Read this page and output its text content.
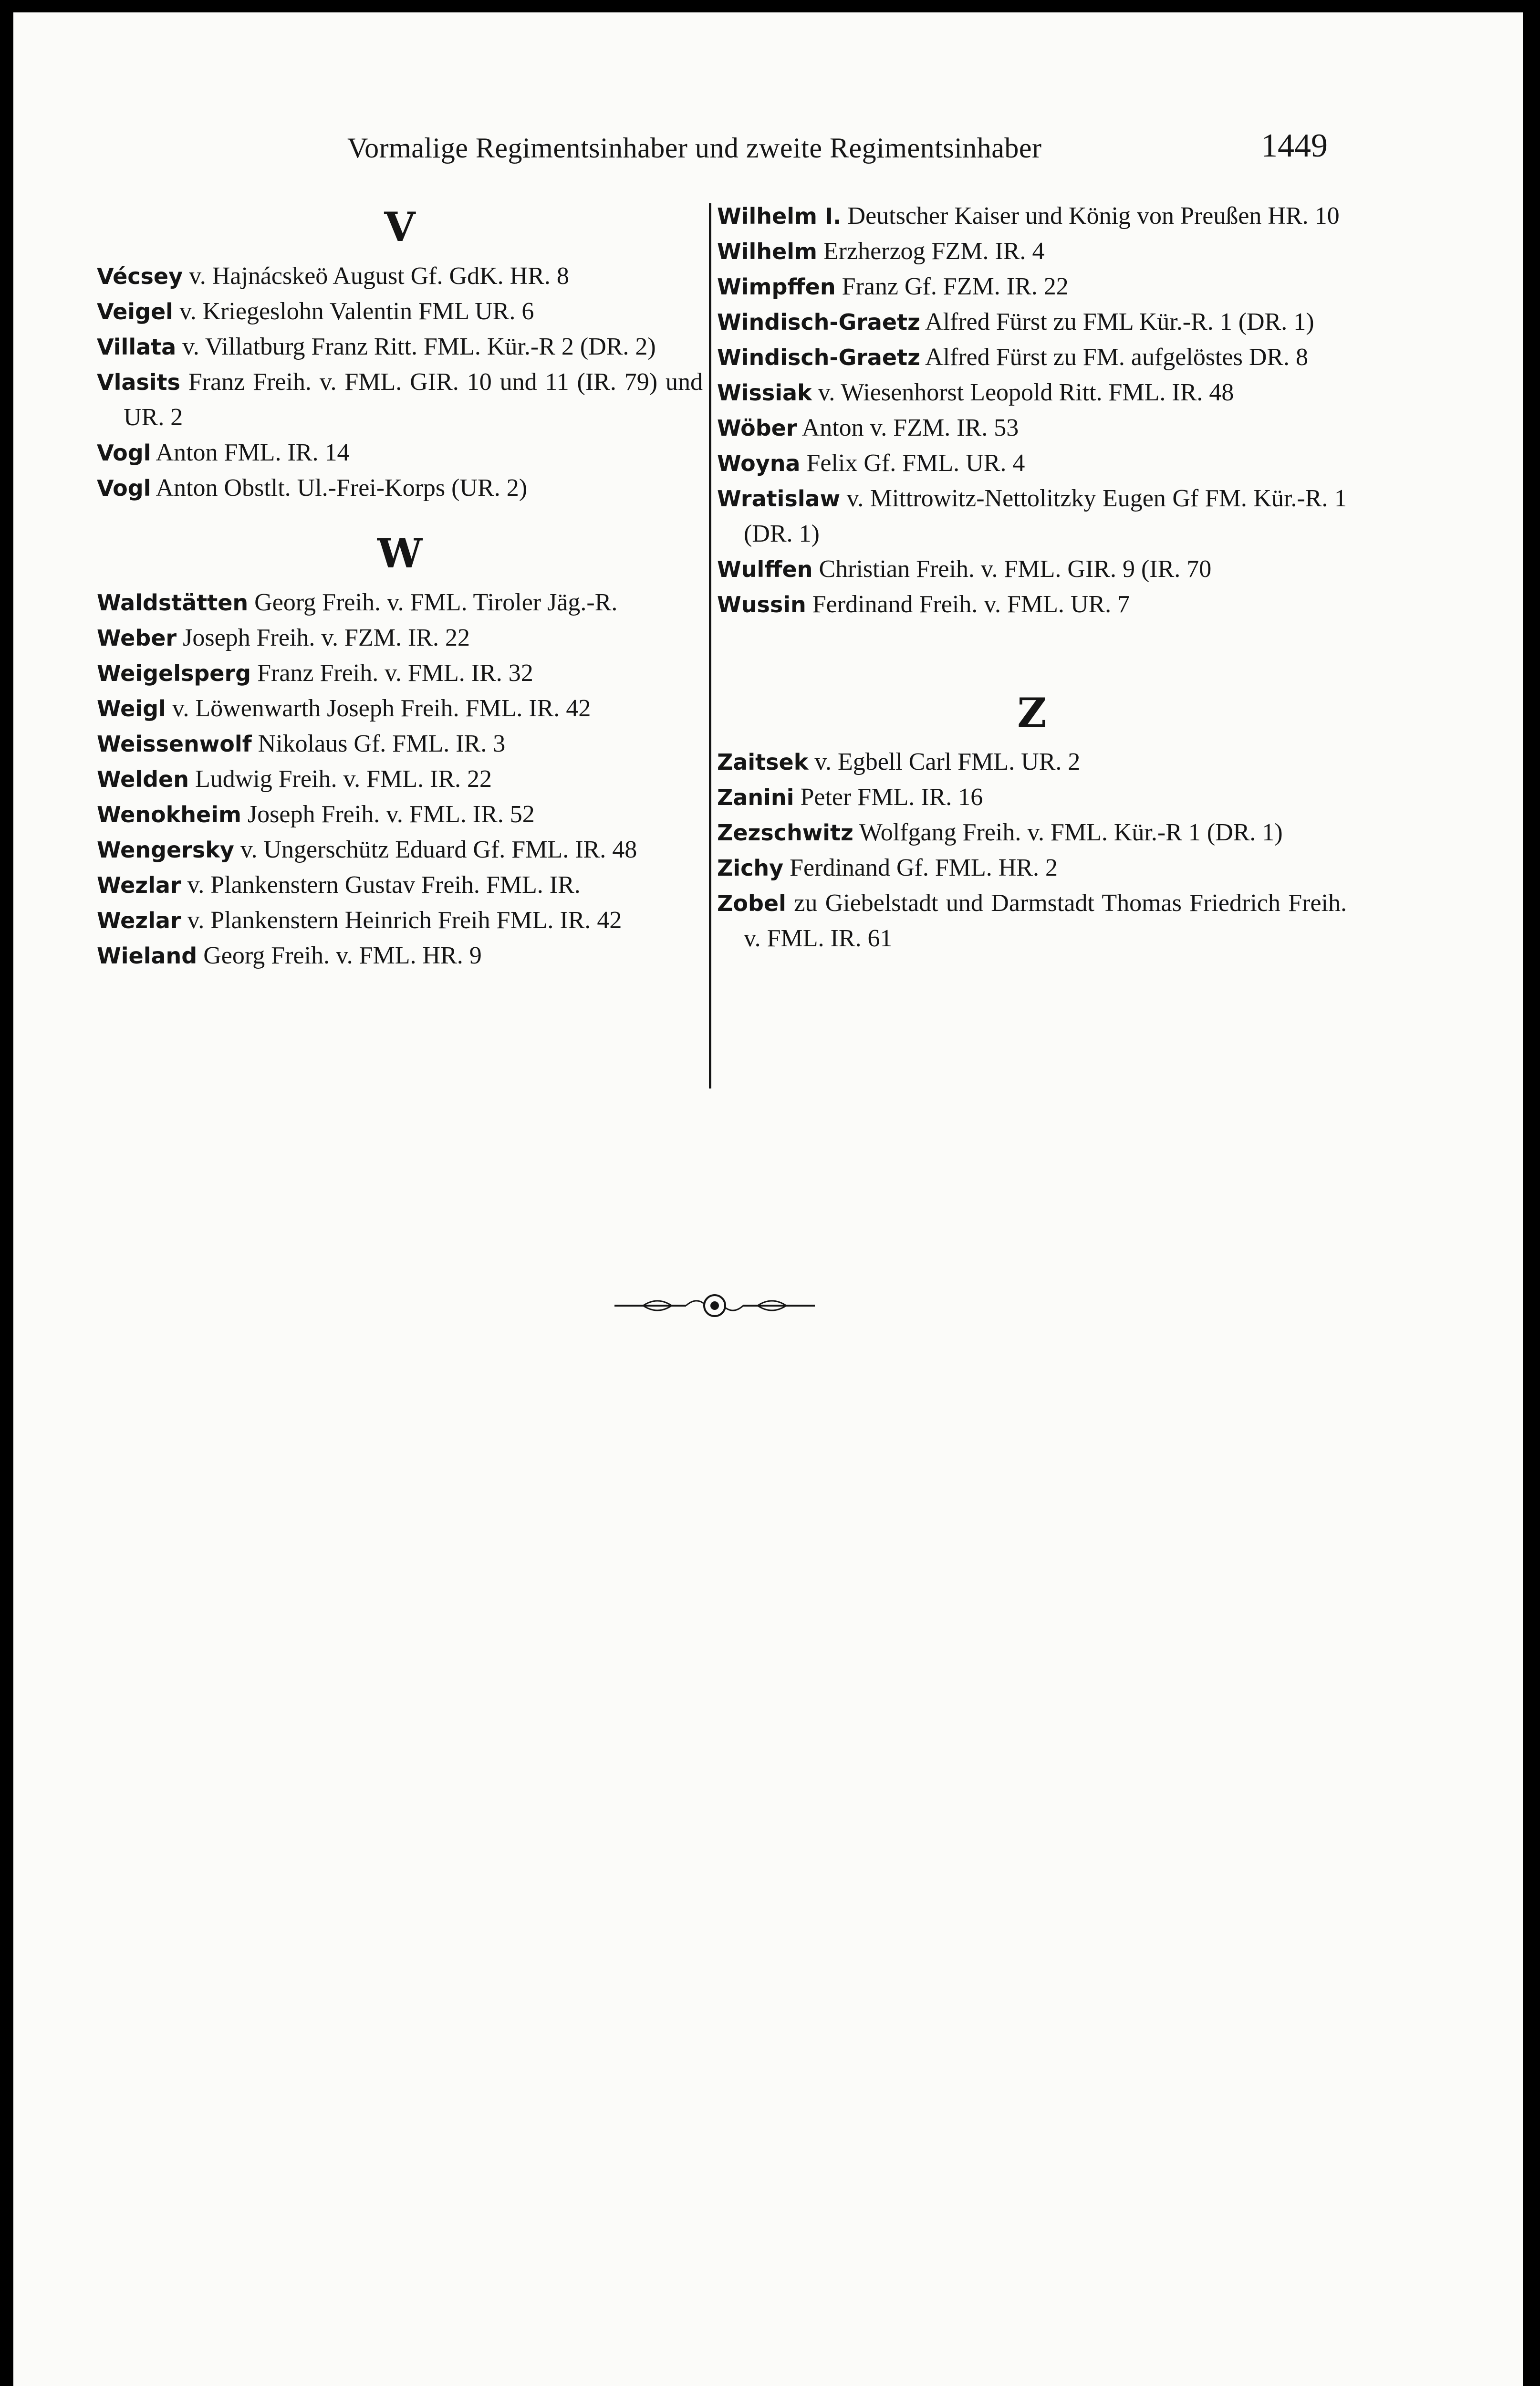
Vormalige Regimentsinhaber und zweite Regimentsinhaber	1449
V

Vécsey v. Hajnácskeö August Gf. GdK. HR. 8

Veigel v. Kriegeslohn Valentin FML UR. 6

Villata v. Villatburg Franz Ritt. FML. Kür.-R 2 (DR. 2)

Vlasits Franz Freih. v. FML. GIR. 10 und 11 (IR. 79) und UR. 2

Vogl Anton FML. IR. 14

Vogl Anton Obstlt. Ul.-Frei-Korps (UR. 2)

W

Waldstätten Georg Freih. v. FML. Tiroler Jäg.-R.

Weber Joseph Freih. v. FZM. IR. 22

Weigelsperg Franz Freih. v. FML. IR. 32

Weigl v. Löwenwarth Joseph Freih. FML. IR. 42

Weissenwolf Nikolaus Gf. FML. IR. 3

Welden Ludwig Freih. v. FML. IR. 22

Wenokheim Joseph Freih. v. FML. IR. 52

Wengersky v. Ungerschütz Eduard Gf. FML. IR. 48

Wezlar v. Plankenstern Gustav Freih. FML. IR.

Wezlar v. Plankenstern Heinrich Freih FML. IR. 42

Wieland Georg Freih. v. FML. HR. 9

Wilhelm I. Deutscher Kaiser und König von Preußen HR. 10

Wilhelm Erzherzog FZM. IR. 4

Wimpffen Franz Gf. FZM. IR. 22

Windisch-Graetz Alfred Fürst zu FML Kür.-R. 1 (DR. 1)

Windisch-Graetz Alfred Fürst zu FM. aufgelöstes DR. 8

Wissiak v. Wiesenhorst Leopold Ritt. FML. IR. 48

Wöber Anton v. FZM. IR. 53

Woyna Felix Gf. FML. UR. 4

Wratislaw v. Mittrowitz-Nettolitzky Eugen Gf FM. Kür.-R. 1 (DR. 1)

Wulffen Christian Freih. v. FML. GIR. 9 (IR. 70

Wussin Ferdinand Freih. v. FML. UR. 7

Z

Zaitsek v. Egbell Carl FML. UR. 2

Zanini Peter FML. IR. 16

Zezschwitz Wolfgang Freih. v. FML. Kür.-R 1 (DR. 1)

Zichy Ferdinand Gf. FML. HR. 2

Zobel zu Giebelstadt und Darmstadt Thomas Friedrich Freih. v. FML. IR. 61
